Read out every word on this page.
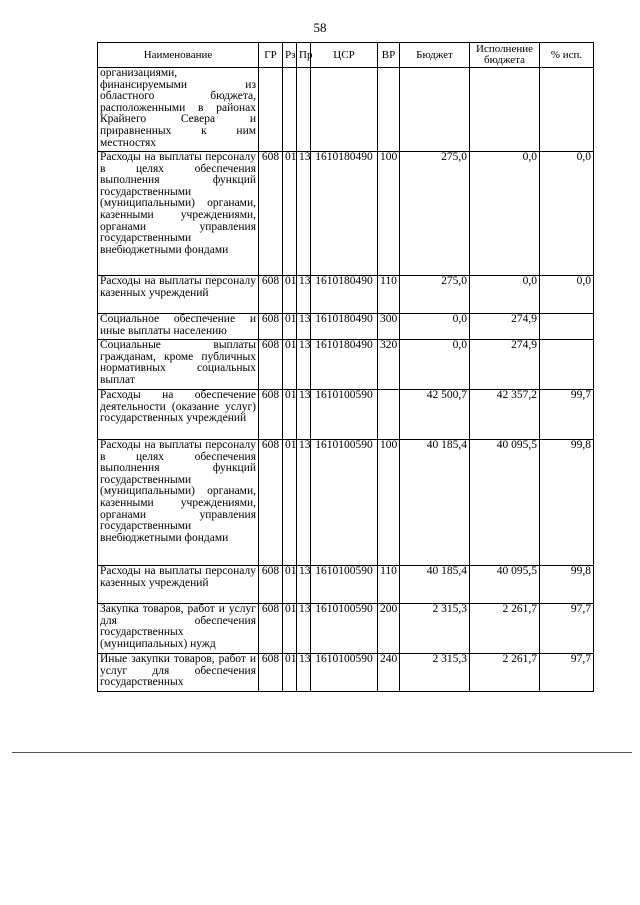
58
Наименование	ГР	Рз	Пр	ЦСР	ВР	Бюджет	Исполнение бюджета	% исп.
организациями, финансируемыми из областного бюджета, расположенными в районах Крайнего Севера и приравненных к ним местностях								
Расходы на выплаты персоналу в целях обеспечения выполнения функций государственными (муниципальными) органами, казенными учреждениями, органами управления государственными внебюджетными фондами	608	01	13	1610180490	100	275,0	0,0	0,0
Расходы на выплаты персоналу казенных учреждений	608	01	13	1610180490	110	275,0	0,0	0,0
Социальное обеспечение и иные выплаты населению	608	01	13	1610180490	300	0,0	274,9	
Социальные выплаты гражданам, кроме публичных нормативных социальных выплат	608	01	13	1610180490	320	0,0	274,9	
Расходы на обеспечение деятельности (оказание услуг) государственных учреждений	608	01	13	1610100590		42 500,7	42 357,2	99,7
Расходы на выплаты персоналу в целях обеспечения выполнения функций государственными (муниципальными) органами, казенными учреждениями, органами управления государственными внебюджетными фондами	608	01	13	1610100590	100	40 185,4	40 095,5	99,8
Расходы на выплаты персоналу казенных учреждений	608	01	13	1610100590	110	40 185,4	40 095,5	99,8
Закупка товаров, работ и услуг для обеспечения государственных (муниципальных) нужд	608	01	13	1610100590	200	2 315,3	2 261,7	97,7
Иные закупки товаров, работ и услуг для обеспечения государственных	608	01	13	1610100590	240	2 315,3	2 261,7	97,7
